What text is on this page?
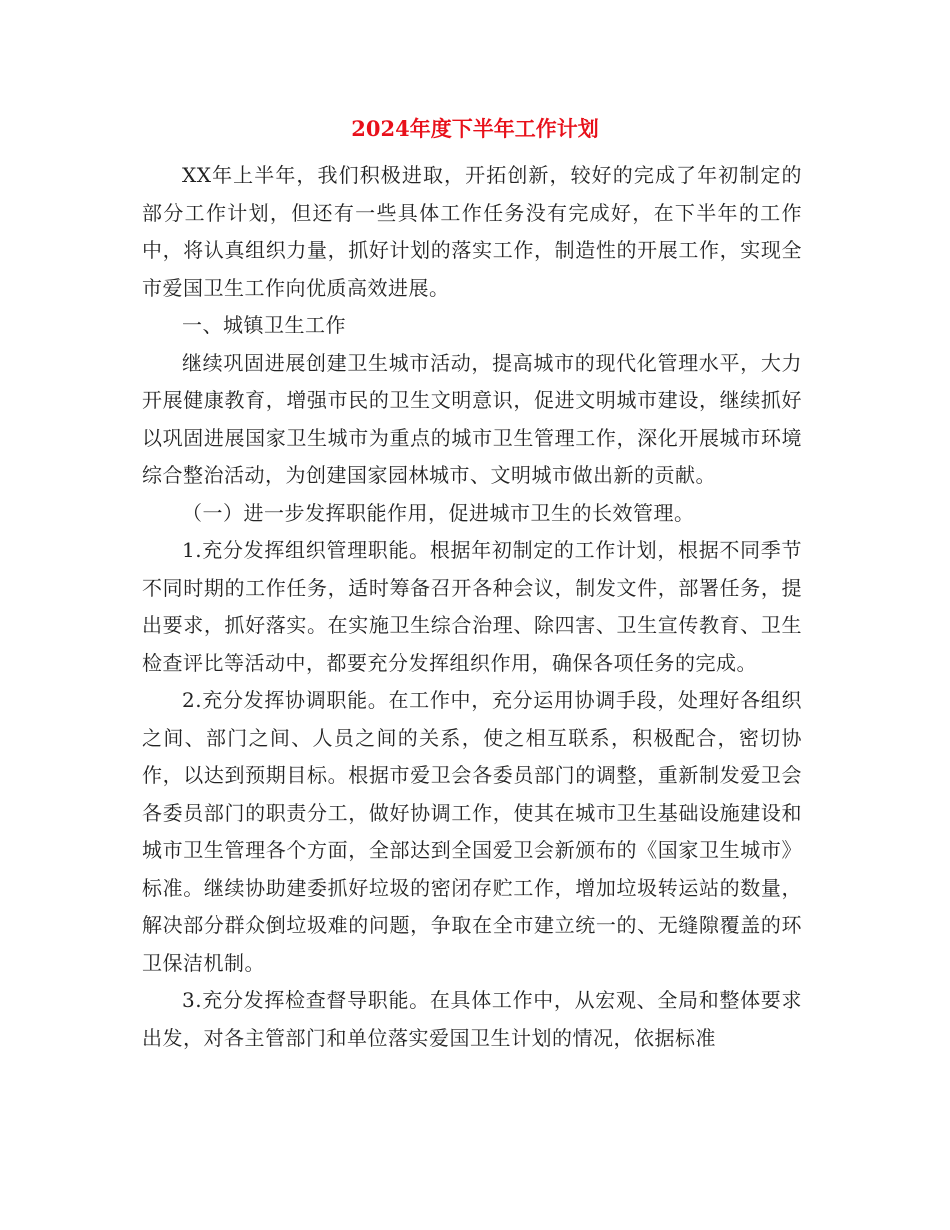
2024年度下半年工作计划

XX年上半年，我们积极进取，开拓创新，较好的完成了年初制定的部分工作计划，但还有一些具体工作任务没有完成好，在下半年的工作中，将认真组织力量，抓好计划的落实工作，制造性的开展工作，实现全市爱国卫生工作向优质高效进展。

一、城镇卫生工作

继续巩固进展创建卫生城市活动，提高城市的现代化管理水平，大力开展健康教育，增强市民的卫生文明意识，促进文明城市建设，继续抓好以巩固进展国家卫生城市为重点的城市卫生管理工作，深化开展城市环境综合整治活动，为创建国家园林城市、文明城市做出新的贡献。

（一）进一步发挥职能作用，促进城市卫生的长效管理。

1.充分发挥组织管理职能。根据年初制定的工作计划，根据不同季节不同时期的工作任务，适时筹备召开各种会议，制发文件，部署任务，提出要求，抓好落实。在实施卫生综合治理、除四害、卫生宣传教育、卫生检查评比等活动中，都要充分发挥组织作用，确保各项任务的完成。

2.充分发挥协调职能。在工作中，充分运用协调手段，处理好各组织之间、部门之间、人员之间的关系，使之相互联系，积极配合，密切协作，以达到预期目标。根据市爱卫会各委员部门的调整，重新制发爱卫会各委员部门的职责分工，做好协调工作，使其在城市卫生基础设施建设和城市卫生管理各个方面，全部达到全国爱卫会新颁布的《国家卫生城市》标准。继续协助建委抓好垃圾的密闭存贮工作，增加垃圾转运站的数量，解决部分群众倒垃圾难的问题，争取在全市建立统一的、无缝隙覆盖的环卫保洁机制。

3.充分发挥检查督导职能。在具体工作中，从宏观、全局和整体要求出发，对各主管部门和单位落实爱国卫生计划的情况，依据标准
